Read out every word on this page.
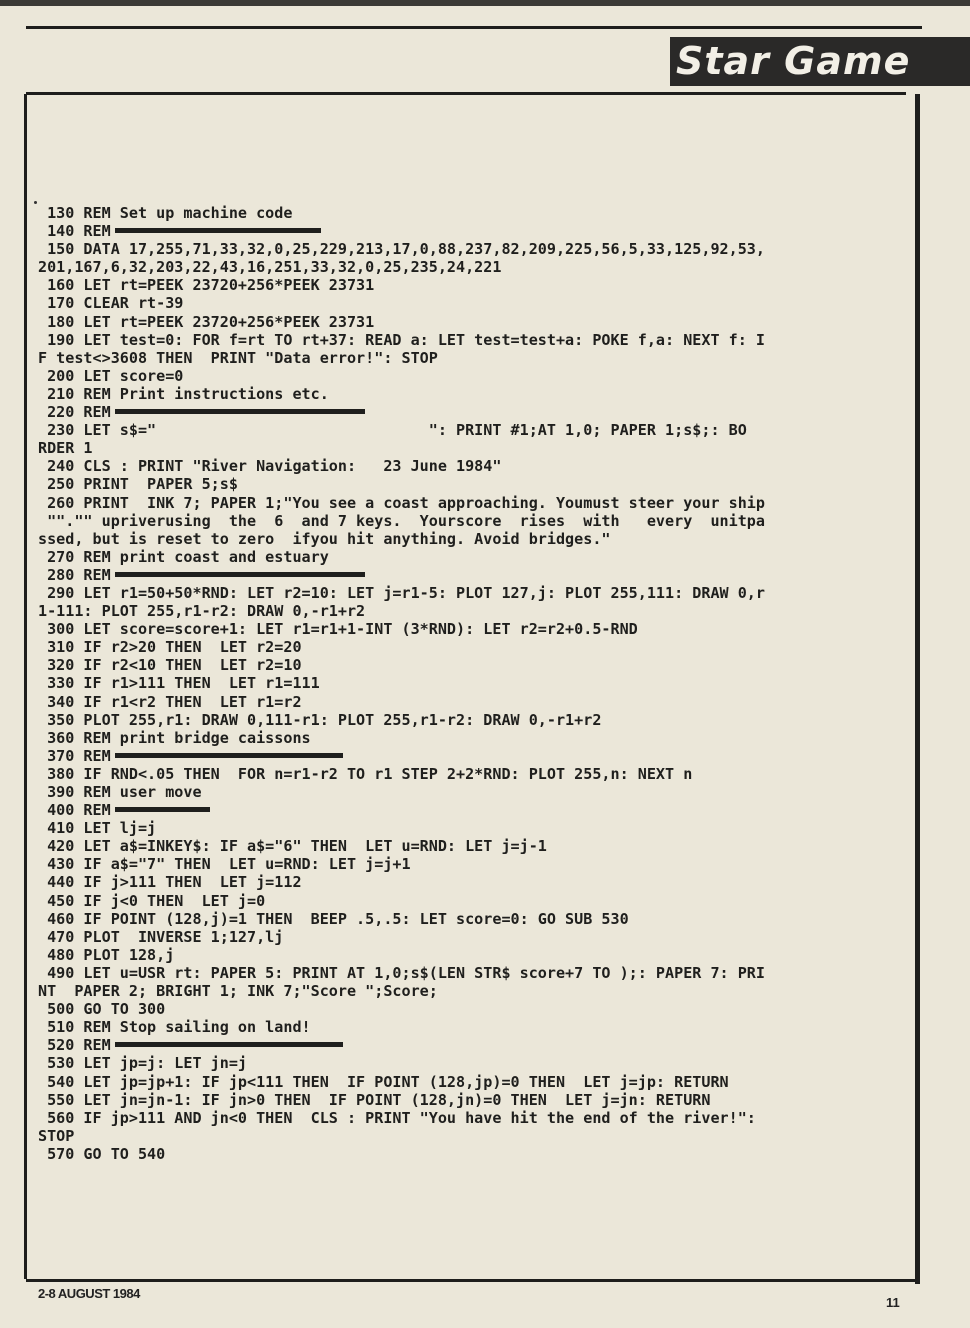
Star Game
130 REM Set up machine code
140 REM
150 DATA 17,255,71,33,32,0,25,229,213,17,0,88,237,82,209,225,56,5,33,125,92,53,
201,167,6,32,203,22,43,16,251,33,32,0,25,235,24,221
160 LET rt=PEEK 23720+256*PEEK 23731
170 CLEAR rt-39
180 LET rt=PEEK 23720+256*PEEK 23731
190 LET test=0: FOR f=rt TO rt+37: READ a: LET test=test+a: POKE f,a: NEXT f: I
F test<>3608 THEN  PRINT "Data error!": STOP
200 LET score=0
210 REM Print instructions etc.
220 REM
230 LET s$="                              ": PRINT #1;AT 1,0; PAPER 1;s$;: BO
RDER 1
240 CLS : PRINT "River Navigation:   23 June 1984"
250 PRINT  PAPER 5;s$
260 PRINT  INK 7; PAPER 1;"You see a coast approaching. Youmust steer your ship
""."" upriverusing  the  6  and 7 keys.  Yourscore  rises  with   every  unitpa
ssed, but is reset to zero  ifyou hit anything. Avoid bridges."
270 REM print coast and estuary
280 REM
290 LET r1=50+50*RND: LET r2=10: LET j=r1-5: PLOT 127,j: PLOT 255,111: DRAW 0,r
1-111: PLOT 255,r1-r2: DRAW 0,-r1+r2
300 LET score=score+1: LET r1=r1+1-INT (3*RND): LET r2=r2+0.5-RND
310 IF r2>20 THEN  LET r2=20
320 IF r2<10 THEN  LET r2=10
330 IF r1>111 THEN  LET r1=111
340 IF r1<r2 THEN  LET r1=r2
350 PLOT 255,r1: DRAW 0,111-r1: PLOT 255,r1-r2: DRAW 0,-r1+r2
360 REM print bridge caissons
370 REM
380 IF RND<.05 THEN  FOR n=r1-r2 TO r1 STEP 2+2*RND: PLOT 255,n: NEXT n
390 REM user move
400 REM
410 LET lj=j
420 LET a$=INKEY$: IF a$="6" THEN  LET u=RND: LET j=j-1
430 IF a$="7" THEN  LET u=RND: LET j=j+1
440 IF j>111 THEN  LET j=112
450 IF j<0 THEN  LET j=0
460 IF POINT (128,j)=1 THEN  BEEP .5,.5: LET score=0: GO SUB 530
470 PLOT  INVERSE 1;127,lj
480 PLOT 128,j
490 LET u=USR rt: PAPER 5: PRINT AT 1,0;s$(LEN STR$ score+7 TO );: PAPER 7: PRI
NT  PAPER 2; BRIGHT 1; INK 7;"Score ";Score;
500 GO TO 300
510 REM Stop sailing on land!
520 REM
530 LET jp=j: LET jn=j
540 LET jp=jp+1: IF jp<111 THEN  IF POINT (128,jp)=0 THEN  LET j=jp: RETURN
550 LET jn=jn-1: IF jn>0 THEN  IF POINT (128,jn)=0 THEN  LET j=jn: RETURN
560 IF jp>111 AND jn<0 THEN  CLS : PRINT "You have hit the end of the river!":
STOP
570 GO TO 540
2-8 AUGUST 1984
11
